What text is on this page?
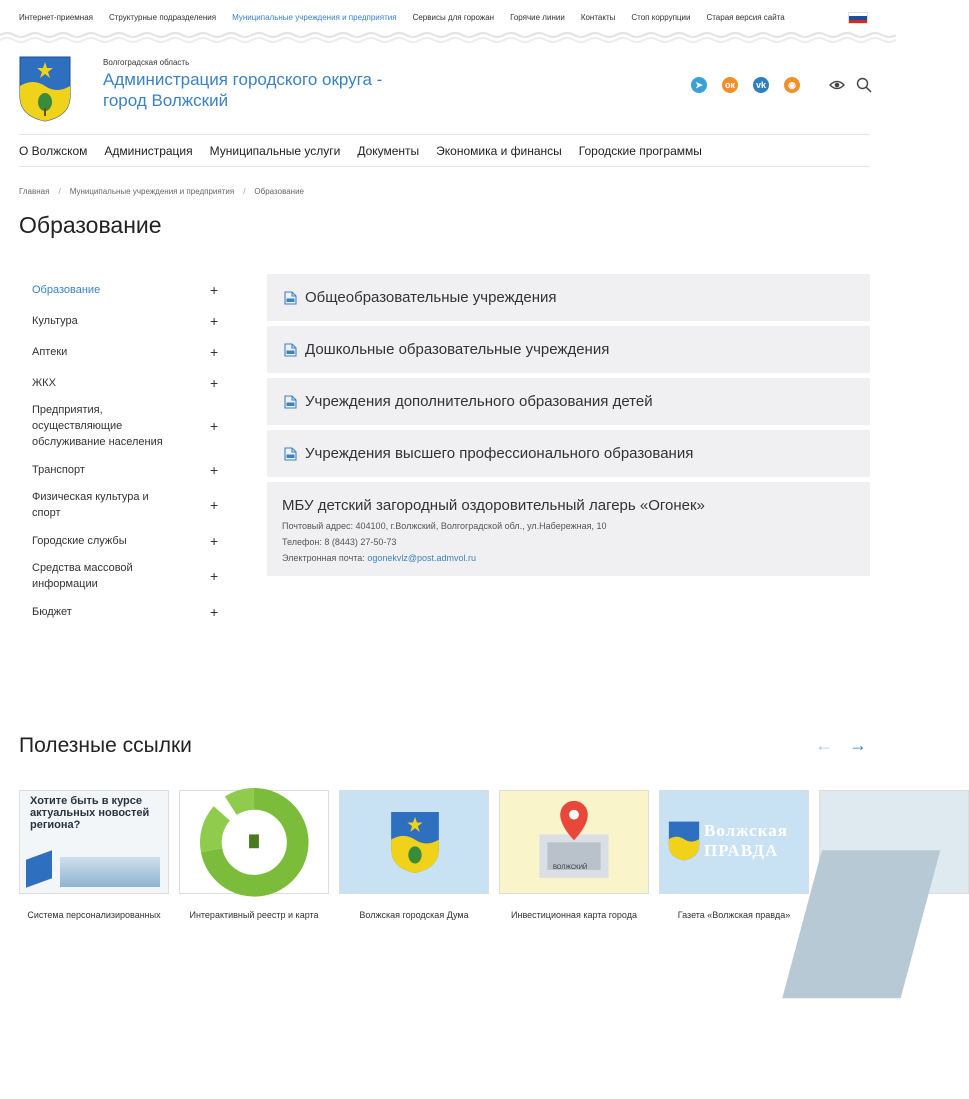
Интернет-приемная Структурные подразделения Муниципальные учреждения и предприятия Сервисы для горожан Горячие линии Контакты Стоп коррупции Старая версия сайта
Волгоградская область
Администрация городского округа - город Волжский
➤	ок	vk	◉
О Волжском Администрация Муниципальные услуги Документы Экономика и финансы Городские программы
Главная / Муниципальные учреждения и предприятия / Образование
Образование
Образование	+
Культура	+
Аптеки	+
ЖКХ	+
Предприятия, осуществляющие обслуживание населения
+
Транспорт	+
Физическая культура и спорт	+
Городские службы	+
Средства массовой информации	+
Бюджет	+
Общеобразовательные учреждения
Дошкольные образовательные учреждения
Учреждения дополнительного образования детей
Учреждения высшего профессионального образования
МБУ детский загородный оздоровительный лагерь «Огонек»
Почтовый адрес: 404100, г.Волжский, Волгоградской обл., ул.Набережная, 10
Телефон: 8 (8443) 27-50-73
Электронная почта: ogonekvlz@post.admvol.ru
Полезные ссылки	← →
Хотите быть в курсе актуальных новостей региона?
Система персонализированных	Интерактивный реестр и карта	Волжская городская Дума
ВОЛЖСКИЙ
Инвестиционная карта города
Волжская ПРАВДА
Газета «Волжская правда»
